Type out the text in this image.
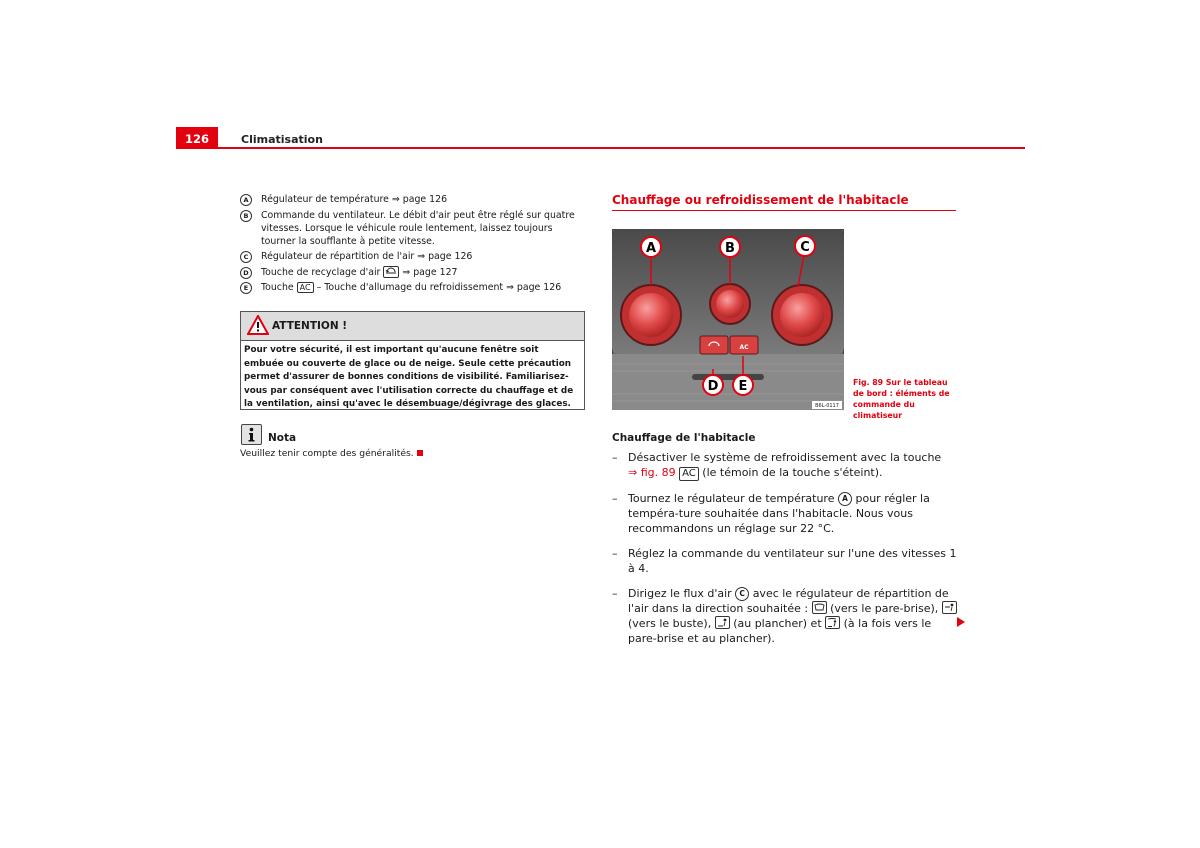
126	Climatisation
A	Régulateur de température ⇒ page 126
B	Commande du ventilateur. Le débit d'air peut être réglé sur quatre vitesses. Lorsque le véhicule roule lentement, laissez toujours tourner la soufflante à petite vitesse.
C	Régulateur de répartition de l'air ⇒ page 126
D	Touche de recyclage d'air ⇒ page 127
E	Touche AC – Touche d'allumage du refroidissement ⇒ page 126
ATTENTION !
Pour votre sécurité, il est important qu'aucune fenêtre soit embuée ou couverte de glace ou de neige. Seule cette précaution permet d'assurer de bonnes conditions de visibilité. Familiarisez-vous par conséquent avec l'utilisation correcte du chauffage et de la ventilation, ainsi qu'avec le désembuage/dégivrage des glaces.
Nota
Veuillez tenir compte des généralités.
Chauffage ou refroidissement de l'habitacle
AC
A	B	C
D E
B6L-0117
Fig. 89 Sur le tableau de bord : éléments de commande du climatiseur
Chauffage de l'habitacle
– Désactiver le système de refroidissement avec la touche
⇒ fig. 89 AC (le témoin de la touche s'éteint).
– Tournez le régulateur de température A pour régler la tempéra-ture souhaitée dans l'habitacle. Nous vous recommandons un réglage sur 22 °C.
– Réglez la commande du ventilateur sur l'une des vitesses 1 à 4.
– Dirigez le flux d'air C avec le régulateur de répartition de l'air dans la direction souhaitée : (vers le pare-brise),  (vers le buste), (au plancher) et (à la fois vers le pare-brise et au plancher).
